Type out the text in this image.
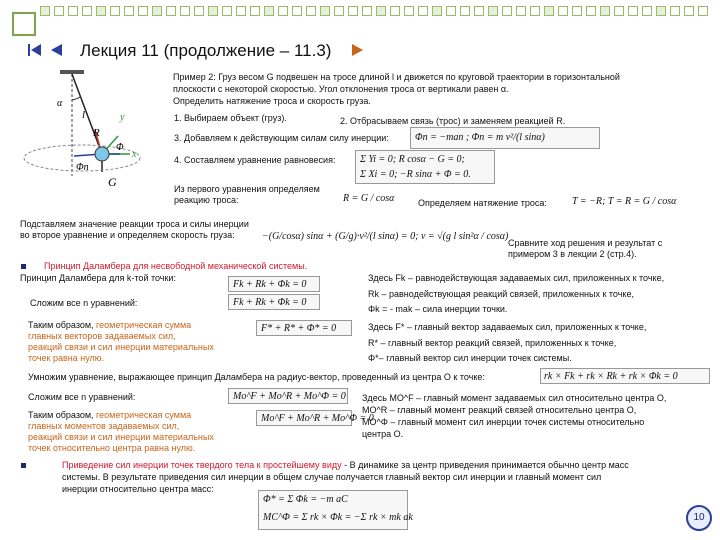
Лекция 11 (продолжение – 11.3)
α
l	y
x
R
Φ
Φn
G
Пример 2: Груз весом G подвешен на тросе длиной l и движется по круговой траектории в горизонтальной
плоскости с некоторой скоростью. Угол отклонения троса от вертикали равен α.
Определить натяжение троса и скорость груза.
1. Выбираем объект (груз).	2. Отбрасываем связь (трос) и заменяем реакцией R.
3. Добавляем к действующим силам силу инерции:	Φn = −man ; Φn = m v²/(l sinα)
4. Составляем уравнение равновесия: Σ Yi = 0; R cosα − G = 0;
Σ Xi = 0; −R sinα + Φ = 0.
Из первого уравнения определяем
реакцию троса:	R = G / cosα	Определяем натяжение троса:	T = −R; T = R = G / cosα
Подставляем значение реакции троса и силы инерции
во второе уравнение и определяем скорость груза:	−(G/cosα) sinα + (G/g)·v²/(l sinα) = 0; v = √(g l sin²α / cosα)
Сравните ход решения и результат с
примером 3 в лекции 2 (стр.4).
Принцип Даламбера для несвободной механической системы.
Принцип Даламбера для k-той точки:
Fk + Rk + Φk = 0
Здесь Fk – равнодействующая задаваемых сил, приложенных к точке,
Rk – равнодействующая реакций связей, приложенных к точке,
Φk = - mak – сила инерции точки.
Сложим все n уравнений:	Fk + Rk + Φk = 0
Таким образом, геометрическая сумма
главных векторов задаваемых сил,
реакций связи и сил инерции материальных
точек равна нулю.
F* + R* + Φ* = 0	Здесь F* – главный вектор задаваемых сил, приложенных к точке,
R* – главный вектор реакций связей, приложенных к точке,
Φ*– главный вектор сил инерции точек системы.
Умножим уравнение, выражающее принцип Даламбера на радиус-вектор, проведенный из центра O к точке:	rk × Fk + rk × Rk + rk × Φk = 0
Сложим все n уравнений:	Mo^F + Mo^R + Mo^Φ = 0 Здесь MO^F – главный момент задаваемых сил относительно центра O,
MO^R – главный момент реакций связей относительно центра O,
MO^Φ – главный момент сил инерции точек системы относительно
центра O.
Таким образом, геометрическая сумма
главных моментов задаваемых сил,
реакций связи и сил инерции материальных
точек относительно центра равна нулю.
Mo^F + Mo^R + Mo^Φ = 0
Приведение сил инерции точек твердого тела к простейшему виду - В динамике за центр приведения принимается обычно центр масс
системы. В результате приведения сил инерции в общем случае получается главный вектор сил инерции и главный момент сил
инерции относительно центра масс:
Φ* = Σ Φk = −m aC
MC^Φ = Σ rk × Φk = −Σ rk × mk ak	10
